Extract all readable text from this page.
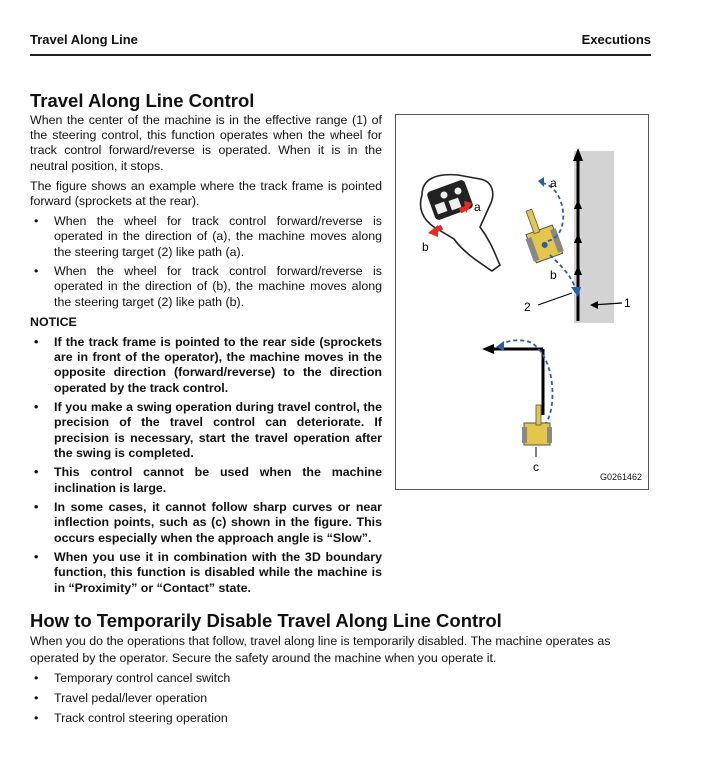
Travel Along Line	Executions
Travel Along Line Control

When the center of the machine is in the effective range (1) of the steering control, this function operates when the wheel for track control forward/reverse is operated. When it is in the neutral position, it stops.

The figure shows an example where the track frame is pointed forward (sprockets at the rear).

• When the wheel for track control forward/reverse is operated in the direction of (a), the machine moves along the steering target (2) like path (a).
• When the wheel for track control forward/reverse is operated in the direction of (b), the machine moves along the steering target (2) like path (b).
NOTICE
• If the track frame is pointed to the rear side (sprockets are in front of the operator), the machine moves in the opposite direction (forward/reverse) to the direction operated by the track control.
• If you make a swing operation during travel control, the precision of the travel control can deteriorate. If precision is necessary, start the travel operation after the swing is completed.
• This control cannot be used when the machine inclination is large.
• In some cases, it cannot follow sharp curves or near inflection points, such as (c) shown in the figure. This occurs especially when the approach angle is “Slow”.
• When you use it in combination with the 3D boundary function, this function is disabled while the machine is in “Proximity” or “Contact” state.
a
b
2	1
a
b
c
G0261462
How to Temporarily Disable Travel Along Line Control

When you do the operations that follow, travel along line is temporarily disabled. The machine operates as operated by the operator. Secure the safety around the machine when you operate it.

• Temporary control cancel switch
• Travel pedal/lever operation
• Track control steering operation
